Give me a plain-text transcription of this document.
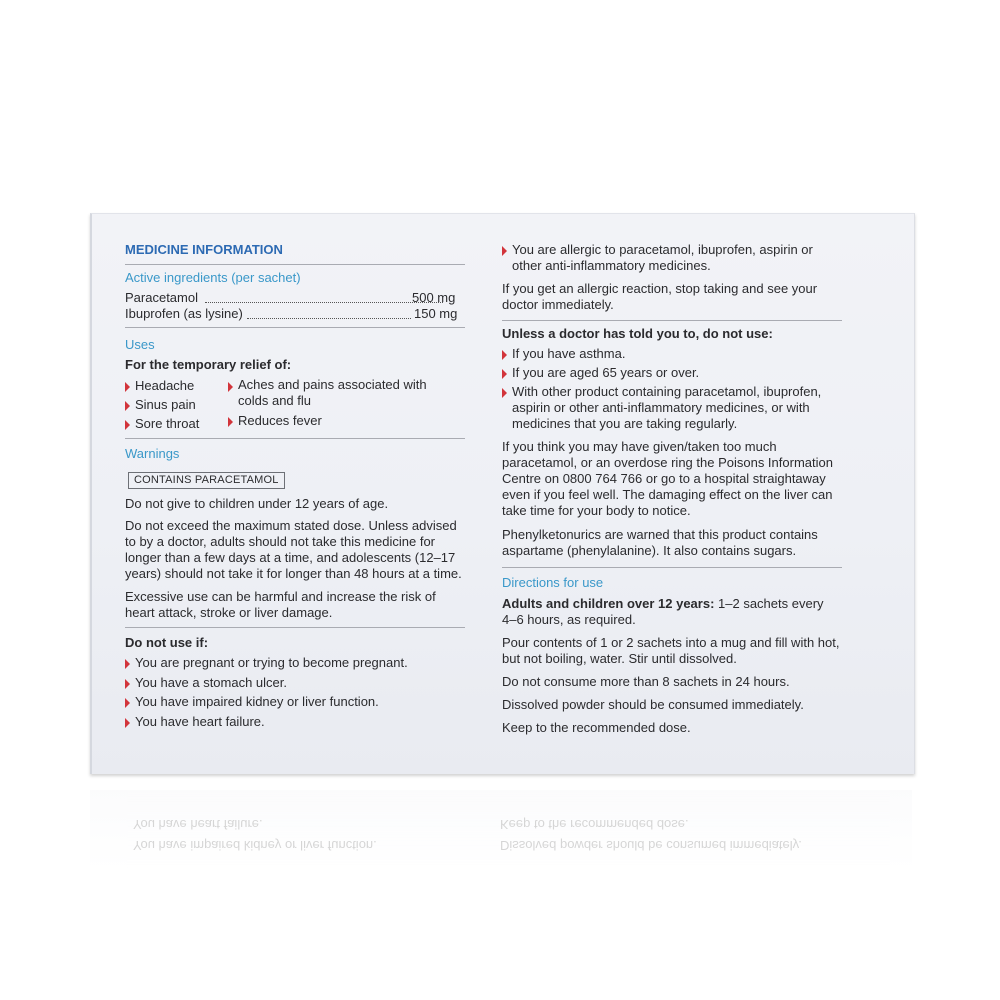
MEDICINE INFORMATION
Active ingredients (per sachet)
Paracetamol	500 mg
Ibuprofen (as lysine)	150 mg
Uses
For the temporary relief of:
Headache
Sinus pain
Sore throat
Aches and pains associated with
colds and flu
Reduces fever
Warnings
CONTAINS PARACETAMOL
Do not give to children under 12 years of age.
Do not exceed the maximum stated dose. Unless advised
to by a doctor, adults should not take this medicine for
longer than a few days at a time, and adolescents (12–17
years) should not take it for longer than 48 hours at a time.
Excessive use can be harmful and increase the risk of
heart attack, stroke or liver damage.
Do not use if:
You are pregnant or trying to become pregnant.
You have a stomach ulcer.
You have impaired kidney or liver function.
You have heart failure.
You are allergic to paracetamol, ibuprofen, aspirin or
other anti-inflammatory medicines.
If you get an allergic reaction, stop taking and see your
doctor immediately.
Unless a doctor has told you to, do not use:
If you have asthma.
If you are aged 65 years or over.
With other product containing paracetamol, ibuprofen,
aspirin or other anti-inflammatory medicines, or with
medicines that you are taking regularly.
If you think you may have given/taken too much
paracetamol, or an overdose ring the Poisons Information
Centre on 0800 764 766 or go to a hospital straightaway
even if you feel well. The damaging effect on the liver can
take time for your body to notice.
Phenylketonurics are warned that this product contains
aspartame (phenylalanine). It also contains sugars.
Directions for use
Adults and children over 12 years: 1–2 sachets every
4–6 hours, as required.
Pour contents of 1 or 2 sachets into a mug and fill with hot,
but not boiling, water. Stir until dissolved.
Do not consume more than 8 sachets in 24 hours.
Dissolved powder should be consumed immediately.
Keep to the recommended dose.
You have heart failure.
You have impaired kidney or liver function.
Keep to the recommended dose.
Dissolved powder should be consumed immediately.
